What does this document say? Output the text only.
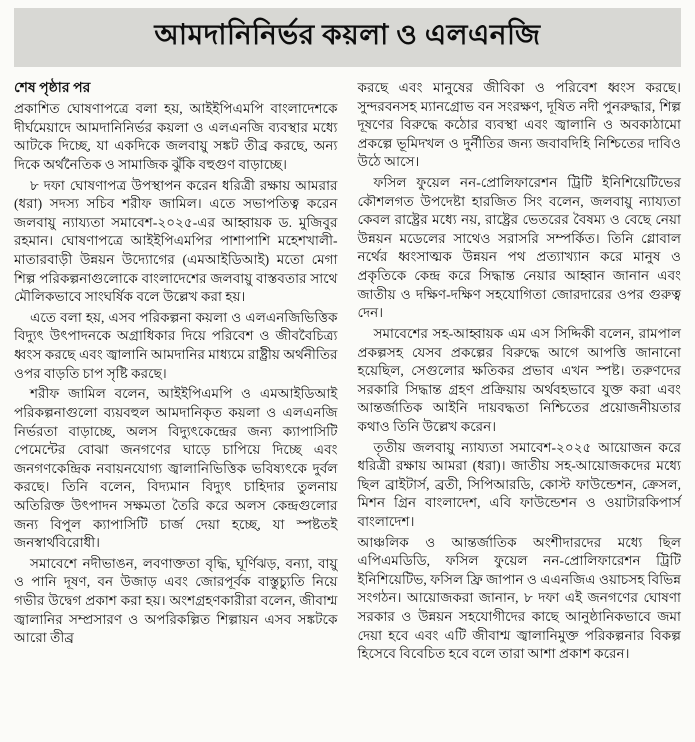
আমদানিনির্ভর কয়লা ও এলএনজি
শেষ পৃষ্ঠার পর

প্রকাশিত ঘোষণাপত্রে বলা হয়, আইইপিএমপি বাংলাদেশকে দীর্ঘমেয়াদে আমদানিনির্ভর কয়লা ও এলএনজি ব্যবস্থার মধ্যে আটকে দিচ্ছে, যা একদিকে জলবায়ু সঙ্কট তীব্র করছে, অন্য দিকে অর্থনৈতিক ও সামাজিক ঝুঁকি বহুগুণ বাড়াচ্ছে।

৮ দফা ঘোষণাপত্র উপস্থাপন করেন ধরিত্রী রক্ষায় আমরার (ধরা) সদস্য সচিব শরীফ জামিল। এতে সভাপতিত্ব করেন জলবায়ু ন্যায্যতা সমাবেশ-২০২৫-এর আহ্বায়ক ড. মুজিবুর রহমান। ঘোষণাপত্রে আইইপিএমপির পাশাপাশি মহেশখালী-মাতারবাড়ী উন্নয়ন উদ্যোগের (এমআইডিআই) মতো মেগা শিল্প পরিকল্পনাগুলোকে বাংলাদেশের জলবায়ু বাস্তবতার সাথে মৌলিকভাবে সাংঘর্ষিক বলে উল্লেখ করা হয়।

এতে বলা হয়, এসব পরিকল্পনা কয়লা ও এলএনজিভিত্তিক বিদ্যুৎ উৎপাদনকে অগ্রাধিকার দিয়ে পরিবেশ ও জীববৈচিত্র্য ধ্বংস করছে এবং জ্বালানি আমদানির মাধ্যমে রাষ্ট্রীয় অর্থনীতির ওপর বাড়তি চাপ সৃষ্টি করছে।

শরীফ জামিল বলেন, আইইপিএমপি ও এমআইডিআই পরিকল্পনাগুলো ব্যয়বহুল আমদানিকৃত কয়লা ও এলএনজি নির্ভরতা বাড়াচ্ছে, অলস বিদ্যুৎকেন্দ্রের জন্য ক্যাপাসিটি পেমেন্টের বোঝা জনগণের ঘাড়ে চাপিয়ে দিচ্ছে এবং জনগণকেন্দ্রিক নবায়নযোগ্য জ্বালানিভিত্তিক ভবিষ্যৎকে দুর্বল করছে। তিনি বলেন, বিদ্যমান বিদ্যুৎ চাহিদার তুলনায় অতিরিক্ত উৎপাদন সক্ষমতা তৈরি করে অলস কেন্দ্রগুলোর জন্য বিপুল ক্যাপাসিটি চার্জ দেয়া হচ্ছে, যা স্পষ্টতই জনস্বার্থবিরোধী।

সমাবেশে নদীভাঙন, লবণাক্ততা বৃদ্ধি, ঘূর্ণিঝড়, বন্যা, বায়ু ও পানি দূষণ, বন উজাড় এবং জোরপূর্বক বাস্তুচ্যুতি নিয়ে গভীর উদ্বেগ প্রকাশ করা হয়। অংশগ্রহণকারীরা বলেন, জীবাশ্ম জ্বালানির সম্প্রসারণ ও অপরিকল্পিত শিল্পায়ন এসব সঙ্কটকে আরো তীব্র

করছে এবং মানুষের জীবিকা ও পরিবেশ ধ্বংস করছে। সুন্দরবনসহ ম্যানগ্রোভ বন সংরক্ষণ, দূষিত নদী পুনরুদ্ধার, শিল্প দূষণের বিরুদ্ধে কঠোর ব্যবস্থা এবং জ্বালানি ও অবকাঠামো প্রকল্পে ভূমিদখল ও দুর্নীতির জন্য জবাবদিহি নিশ্চিতের দাবিও উঠে আসে।

ফসিল ফুয়েল নন-প্রোলিফারেশন ট্রিটি ইনিশিয়েটিভের কৌশলগত উপদেষ্টা হারজিত সিং বলেন, জলবায়ু ন্যায্যতা কেবল রাষ্ট্রের মধ্যে নয়, রাষ্ট্রের ভেতরের বৈষম্য ও বেছে নেয়া উন্নয়ন মডেলের সাথেও সরাসরি সম্পর্কিত। তিনি গ্লোবাল নর্থের ধ্বংসাত্মক উন্নয়ন পথ প্রত্যাখ্যান করে মানুষ ও প্রকৃতিকে কেন্দ্র করে সিদ্ধান্ত নেয়ার আহ্বান জানান এবং জাতীয় ও দক্ষিণ-দক্ষিণ সহযোগিতা জোরদারের ওপর গুরুত্ব দেন।

সমাবেশের সহ-আহ্বায়ক এম এস সিদ্দিকী বলেন, রামপাল প্রকল্পসহ যেসব প্রকল্পের বিরুদ্ধে আগে আপত্তি জানানো হয়েছিল, সেগুলোর ক্ষতিকর প্রভাব এখন স্পষ্ট। তরুণদের সরকারি সিদ্ধান্ত গ্রহণ প্রক্রিয়ায় অর্থবহভাবে যুক্ত করা এবং আন্তর্জাতিক আইনি দায়বদ্ধতা নিশ্চিতের প্রয়োজনীয়তার কথাও তিনি উল্লেখ করেন।

তৃতীয় জলবায়ু ন্যায্যতা সমাবেশ-২০২৫ আয়োজন করে ধরিত্রী রক্ষায় আমরা (ধরা)। জাতীয় সহ-আয়োজকদের মধ্যে ছিল ব্রাইটার্স, ব্রতী, সিপিআরডি, কোস্ট ফাউন্ডেশন, ক্রেসল, মিশন গ্রিন বাংলাদেশ, এবি ফাউন্ডেশন ও ওয়াটারকিপার্স বাংলাদেশ।

আঞ্চলিক ও আন্তর্জাতিক অংশীদারদের মধ্যে ছিল এপিএমডিডি, ফসিল ফুয়েল নন-প্রোলিফারেশন ট্রিটি ইনিশিয়েটিভ, ফসিল ফ্রি জাপান ও এএনজিএ ওয়াচসহ বিভিন্ন সংগঠন। আয়োজকরা জানান, ৮ দফা এই জনগণের ঘোষণা সরকার ও উন্নয়ন সহযোগীদের কাছে আনুষ্ঠানিকভাবে জমা দেয়া হবে এবং এটি জীবাশ্ম জ্বালানিমুক্ত পরিকল্পনার বিকল্প হিসেবে বিবেচিত হবে বলে তারা আশা প্রকাশ করেন।
